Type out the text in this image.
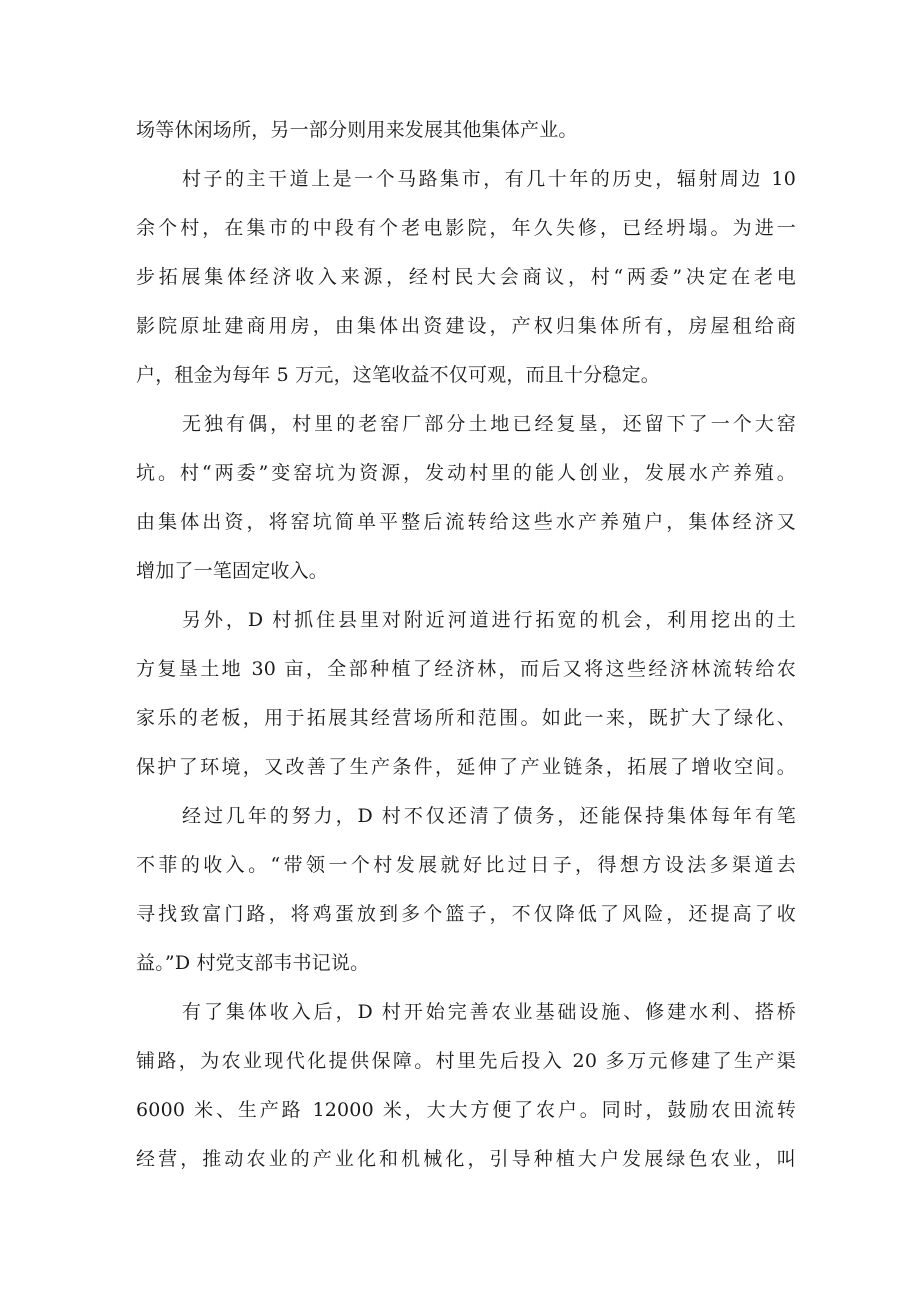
场等休闲场所，另一部分则用来发展其他集体产业。
村子的主干道上是一个马路集市，有几十年的历史，辐射周边 10
余个村，在集市的中段有个老电影院，年久失修，已经坍塌。为进一
步拓展集体经济收入来源，经村民大会商议，村“两委”决定在老电
影院原址建商用房，由集体出资建设，产权归集体所有，房屋租给商
户，租金为每年 5 万元，这笔收益不仅可观，而且十分稳定。
无独有偶，村里的老窑厂部分土地已经复垦，还留下了一个大窑
坑。村“两委”变窑坑为资源，发动村里的能人创业，发展水产养殖。
由集体出资，将窑坑简单平整后流转给这些水产养殖户，集体经济又
增加了一笔固定收入。
另外，D 村抓住县里对附近河道进行拓宽的机会，利用挖出的土
方复垦土地 30 亩，全部种植了经济林，而后又将这些经济林流转给农
家乐的老板，用于拓展其经营场所和范围。如此一来，既扩大了绿化、
保护了环境，又改善了生产条件，延伸了产业链条，拓展了增收空间。
经过几年的努力，D 村不仅还清了债务，还能保持集体每年有笔
不菲的收入。“带领一个村发展就好比过日子，得想方设法多渠道去
寻找致富门路，将鸡蛋放到多个篮子，不仅降低了风险，还提高了收
益。”D 村党支部韦书记说。
有了集体收入后，D 村开始完善农业基础设施、修建水利、搭桥
铺路，为农业现代化提供保障。村里先后投入 20 多万元修建了生产渠
6000 米、生产路 12000 米，大大方便了农户。同时，鼓励农田流转
经营，推动农业的产业化和机械化，引导种植大户发展绿色农业，叫
